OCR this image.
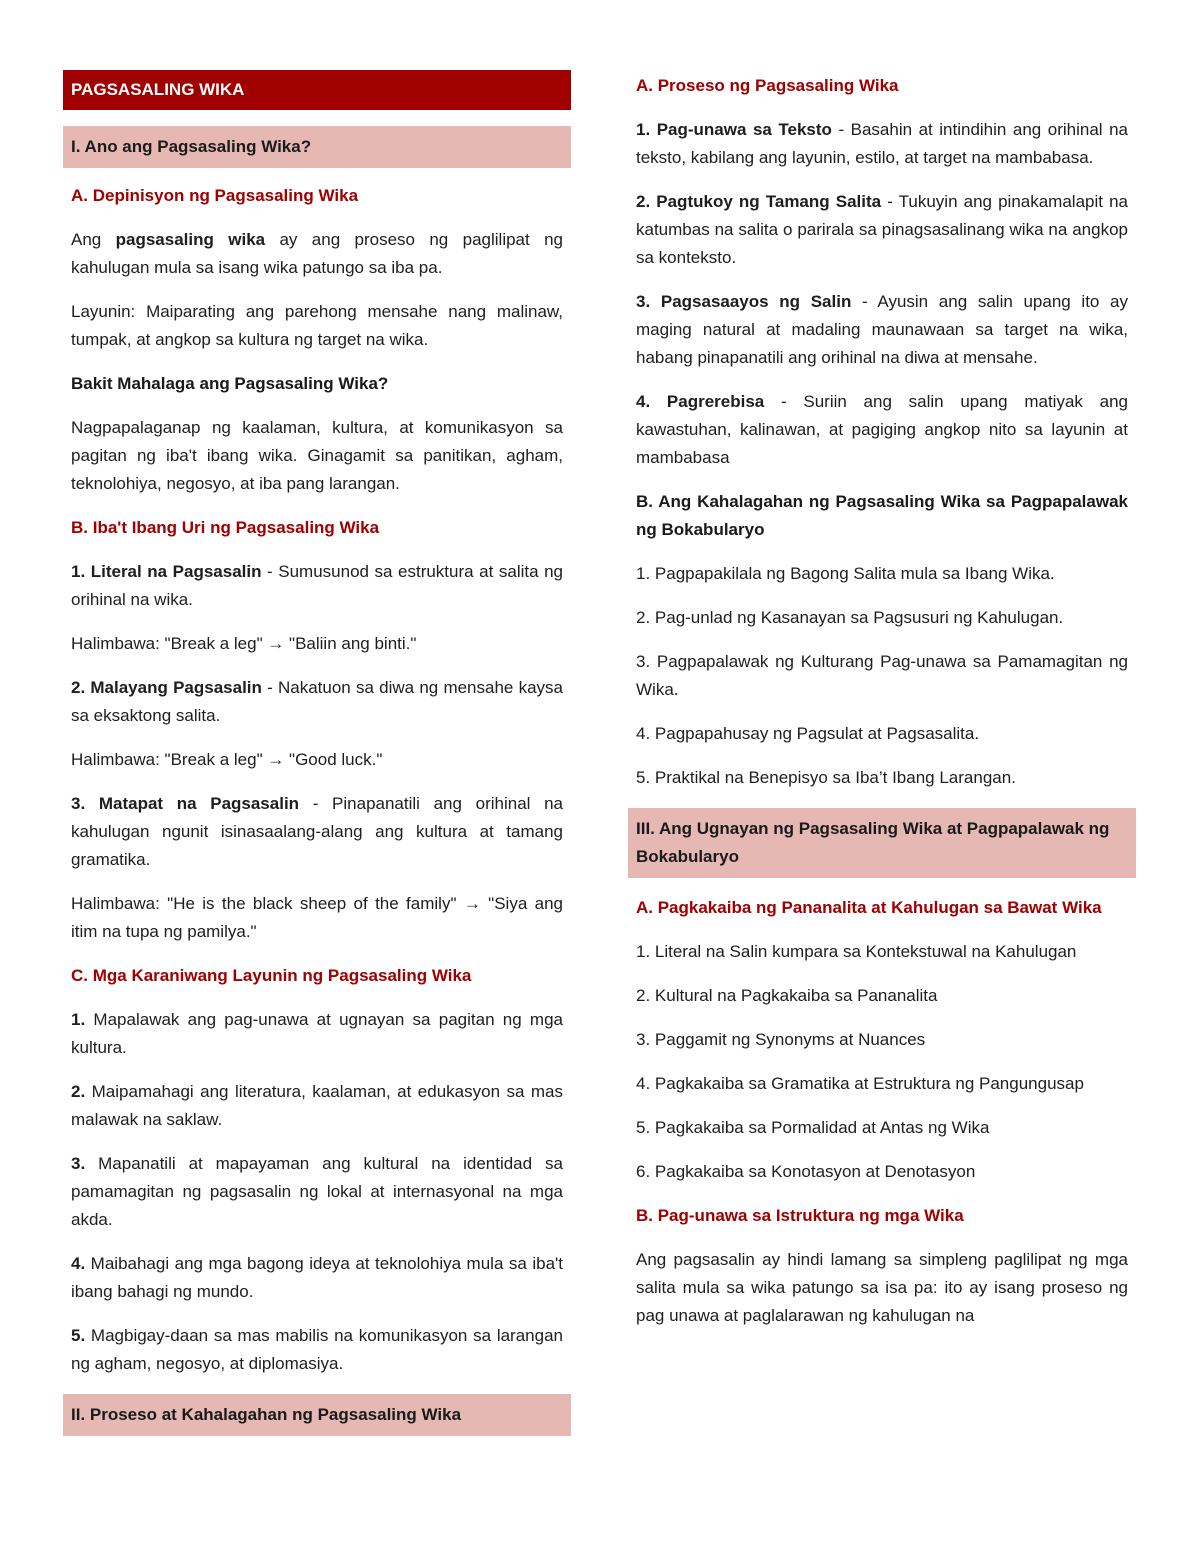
PAGSASALING WIKA
I. Ano ang Pagsasaling Wika?
A. Depinisyon ng Pagsasaling Wika
Ang pagsasaling wika ay ang proseso ng paglilipat ng kahulugan mula sa isang wika patungo sa iba pa.
Layunin: Maiparating ang parehong mensahe nang malinaw, tumpak, at angkop sa kultura ng target na wika.
Bakit Mahalaga ang Pagsasaling Wika?
Nagpapalaganap ng kaalaman, kultura, at komunikasyon sa pagitan ng iba't ibang wika. Ginagamit sa panitikan, agham, teknolohiya, negosyo, at iba pang larangan.
B. Iba't Ibang Uri ng Pagsasaling Wika
1. Literal na Pagsasalin - Sumusunod sa estruktura at salita ng orihinal na wika.
Halimbawa: "Break a leg" → "Baliin ang binti."
2. Malayang Pagsasalin - Nakatuon sa diwa ng mensahe kaysa sa eksaktong salita.
Halimbawa: "Break a leg" → "Good luck."
3. Matapat na Pagsasalin - Pinapanatili ang orihinal na kahulugan ngunit isinasaalang-alang ang kultura at tamang gramatika.
Halimbawa: "He is the black sheep of the family" → "Siya ang itim na tupa ng pamilya."
C. Mga Karaniwang Layunin ng Pagsasaling Wika
1. Mapalawak ang pag-unawa at ugnayan sa pagitan ng mga kultura.
2. Maipamahagi ang literatura, kaalaman, at edukasyon sa mas malawak na saklaw.
3. Mapanatili at mapayaman ang kultural na identidad sa pamamagitan ng pagsasalin ng lokal at internasyonal na mga akda.
4. Maibahagi ang mga bagong ideya at teknolohiya mula sa iba't ibang bahagi ng mundo.
5. Magbigay-daan sa mas mabilis na komunikasyon sa larangan ng agham, negosyo, at diplomasiya.
II. Proseso at Kahalagahan ng Pagsasaling Wika
A. Proseso ng Pagsasaling Wika
1. Pag-unawa sa Teksto - Basahin at intindihin ang orihinal na teksto, kabilang ang layunin, estilo, at target na mambabasa.
2. Pagtukoy ng Tamang Salita - Tukuyin ang pinakamalapit na katumbas na salita o parirala sa pinagsasalinang wika na angkop sa konteksto.
3. Pagsasaayos ng Salin - Ayusin ang salin upang ito ay maging natural at madaling maunawaan sa target na wika, habang pinapanatili ang orihinal na diwa at mensahe.
4. Pagrerebisa - Suriin ang salin upang matiyak ang kawastuhan, kalinawan, at pagiging angkop nito sa layunin at mambabasa
B. Ang Kahalagahan ng Pagsasaling Wika sa Pagpapalawak ng Bokabularyo
1. Pagpapakilala ng Bagong Salita mula sa Ibang Wika.
2. Pag-unlad ng Kasanayan sa Pagsusuri ng Kahulugan.
3. Pagpapalawak ng Kulturang Pag-unawa sa Pamamagitan ng Wika.
4. Pagpapahusay ng Pagsulat at Pagsasalita.
5. Praktikal na Benepisyo sa Iba’t Ibang Larangan.
III. Ang Ugnayan ng Pagsasaling Wika at Pagpapalawak ng Bokabularyo
A. Pagkakaiba ng Pananalita at Kahulugan sa Bawat Wika
1. Literal na Salin kumpara sa Kontekstuwal na Kahulugan
2. Kultural na Pagkakaiba sa Pananalita
3. Paggamit ng Synonyms at Nuances
4. Pagkakaiba sa Gramatika at Estruktura ng Pangungusap
5. Pagkakaiba sa Pormalidad at Antas ng Wika
6. Pagkakaiba sa Konotasyon at Denotasyon
B. Pag-unawa sa Istruktura ng mga Wika
Ang pagsasalin ay hindi lamang sa simpleng paglilipat ng mga salita mula sa wika patungo sa isa pa: ito ay isang proseso ng pag unawa at paglalarawan ng kahulugan na
